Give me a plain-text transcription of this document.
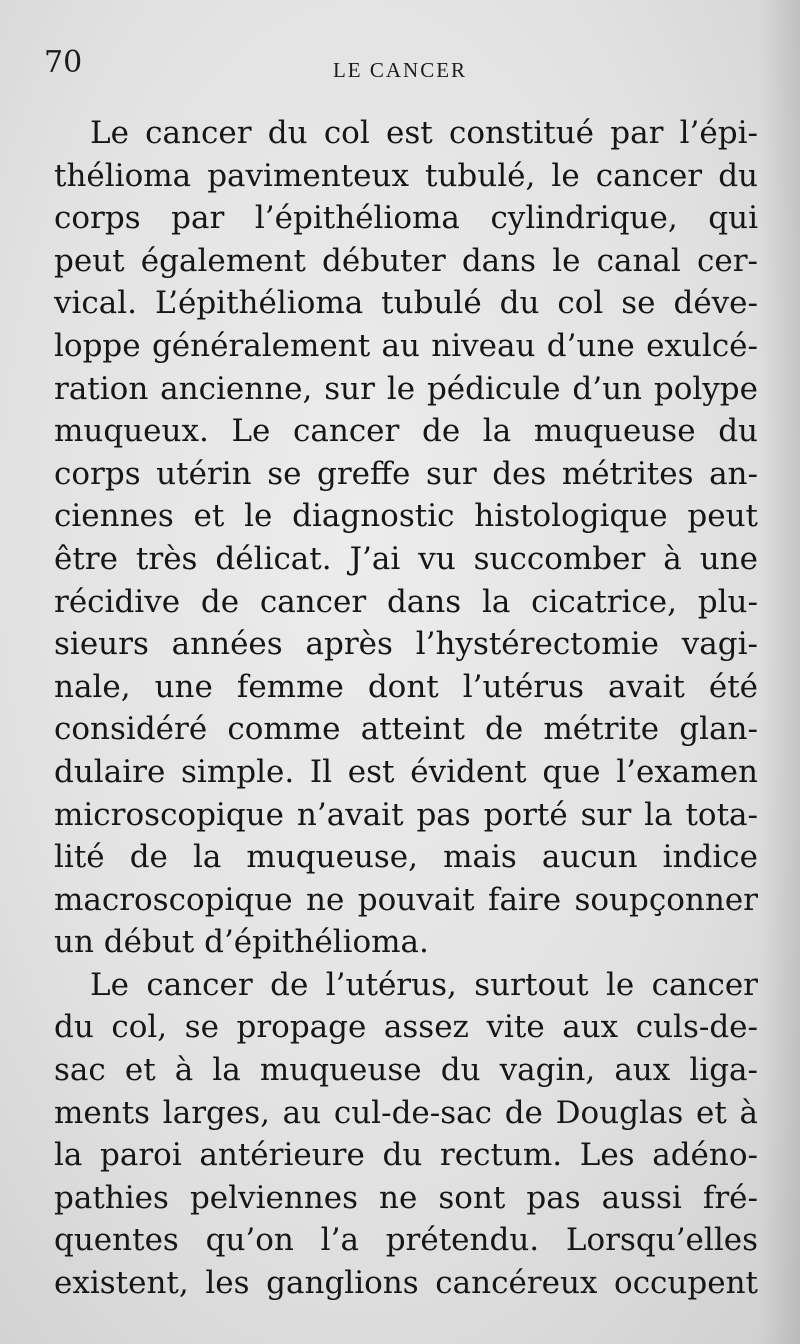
70	LE CANCER
Le cancer du col est constitué par l’épi-
thélioma pavimenteux tubulé, le cancer du
corps par l’épithélioma cylindrique, qui
peut également débuter dans le canal cer-
vical. L’épithélioma tubulé du col se déve-
loppe généralement au niveau d’une exulcé-
ration ancienne, sur le pédicule d’un polype
muqueux. Le cancer de la muqueuse du
corps utérin se greffe sur des métrites an-
ciennes et le diagnostic histologique peut
être très délicat. J’ai vu succomber à une
récidive de cancer dans la cicatrice, plu-
sieurs années après l’hystérectomie vagi-
nale, une femme dont l’utérus avait été
considéré comme atteint de métrite glan-
dulaire simple. Il est évident que l’examen
microscopique n’avait pas porté sur la tota-
lité de la muqueuse, mais aucun indice
macroscopique ne pouvait faire soupçonner
un début d’épithélioma.
Le cancer de l’utérus, surtout le cancer
du col, se propage assez vite aux culs-de-
sac et à la muqueuse du vagin, aux liga-
ments larges, au cul-de-sac de Douglas et à
la paroi antérieure du rectum. Les adéno-
pathies pelviennes ne sont pas aussi fré-
quentes qu’on l’a prétendu. Lorsqu’elles
existent, les ganglions cancéreux occupent
